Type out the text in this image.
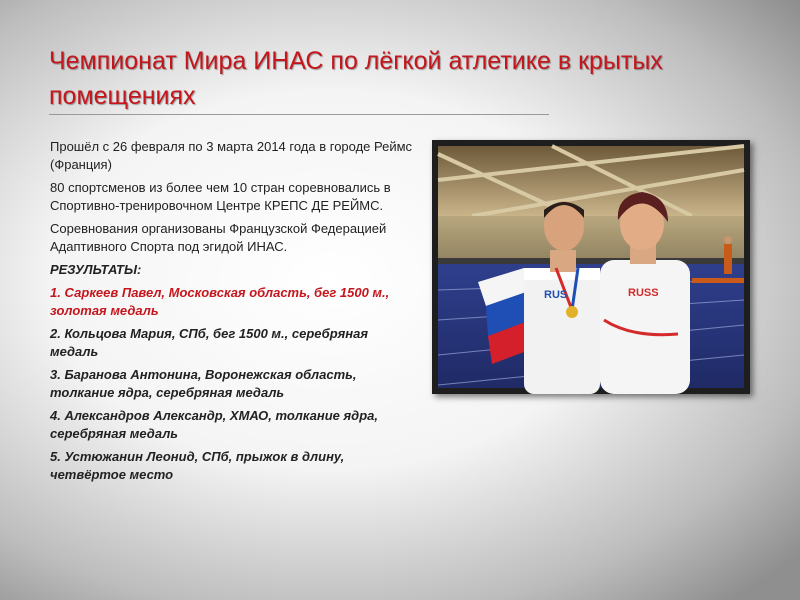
Чемпионат Мира ИНАС по лёгкой атлетике в крытых помещениях

Прошёл с 26 февраля по 3 марта 2014 года в городе Реймс (Франция)

80 спортсменов из более чем 10 стран соревновались в Спортивно-тренировочном Центре КРЕПС ДЕ РЕЙМС.

Соревнования организованы Французской Федерацией Адаптивного Спорта под эгидой ИНАС.

РЕЗУЛЬТАТЫ:

1. Саркеев Павел, Московская область, бег 1500 м., золотая медаль

2. Кольцова Мария, СПб, бег 1500 м., серебряная медаль

3. Баранова Антонина, Воронежская область, толкание ядра, серебряная медаль

4. Александров Александр, ХМАО, толкание ядра, серебряная медаль

5. Устюжанин Леонид, СПб, прыжок в длину, четвёртое место

RUS	RUSS
